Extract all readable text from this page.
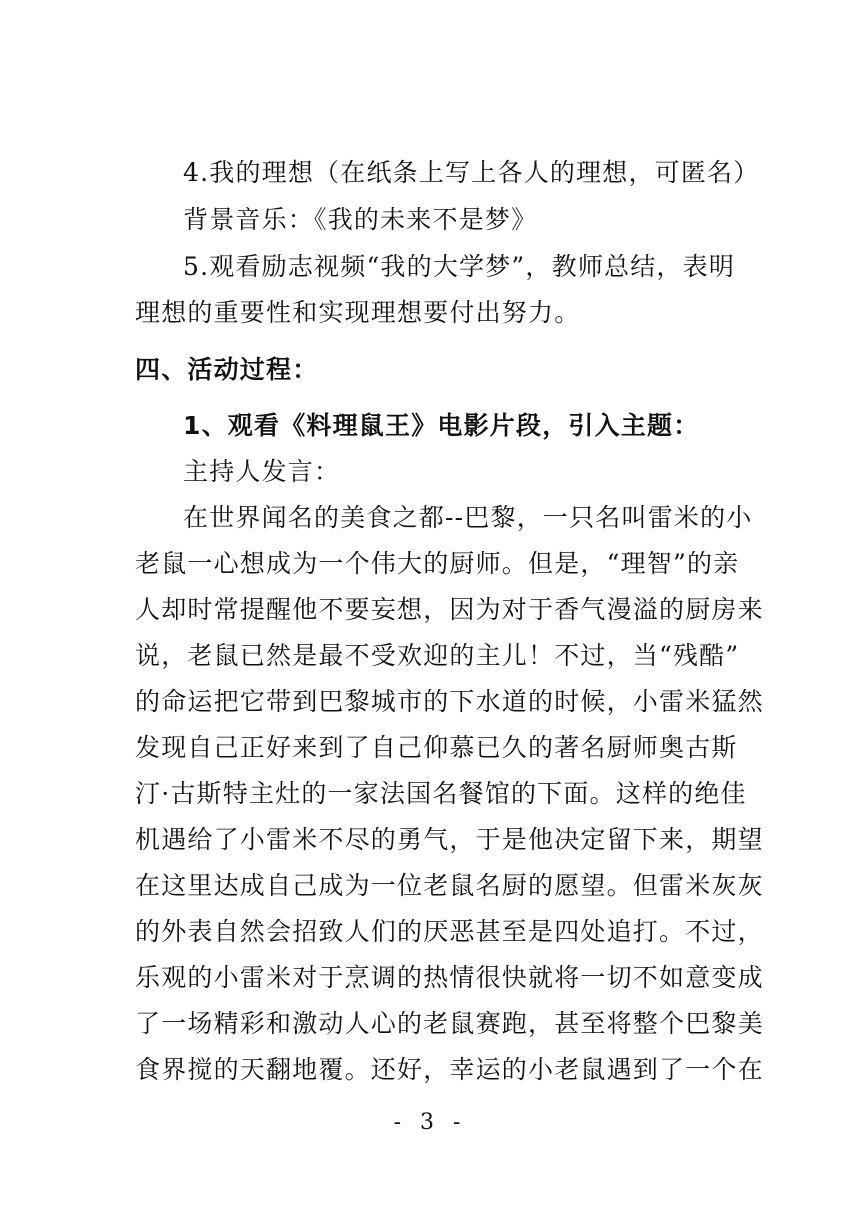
4.我的理想（在纸条上写上各人的理想，可匿名）
背景音乐：《我的未来不是梦》
5.观看励志视频“我的大学梦”，教师总结，表明
理想的重要性和实现理想要付出努力。
四、活动过程：
1、观看《料理鼠王》电影片段，引入主题：
主持人发言：
在世界闻名的美食之都--巴黎，一只名叫雷米的小
老鼠一心想成为一个伟大的厨师。但是，“理智”的亲
人却时常提醒他不要妄想，因为对于香气漫溢的厨房来
说，老鼠已然是最不受欢迎的主儿！不过，当“残酷”
的命运把它带到巴黎城市的下水道的时候，小雷米猛然
发现自己正好来到了自己仰慕已久的著名厨师奥古斯
汀·古斯特主灶的一家法国名餐馆的下面。这样的绝佳
机遇给了小雷米不尽的勇气，于是他决定留下来，期望
在这里达成自己成为一位老鼠名厨的愿望。但雷米灰灰
的外表自然会招致人们的厌恶甚至是四处追打。不过，
乐观的小雷米对于烹调的热情很快就将一切不如意变成
了一场精彩和激动人心的老鼠赛跑，甚至将整个巴黎美
食界搅的天翻地覆。还好，幸运的小老鼠遇到了一个在
- 3 -
